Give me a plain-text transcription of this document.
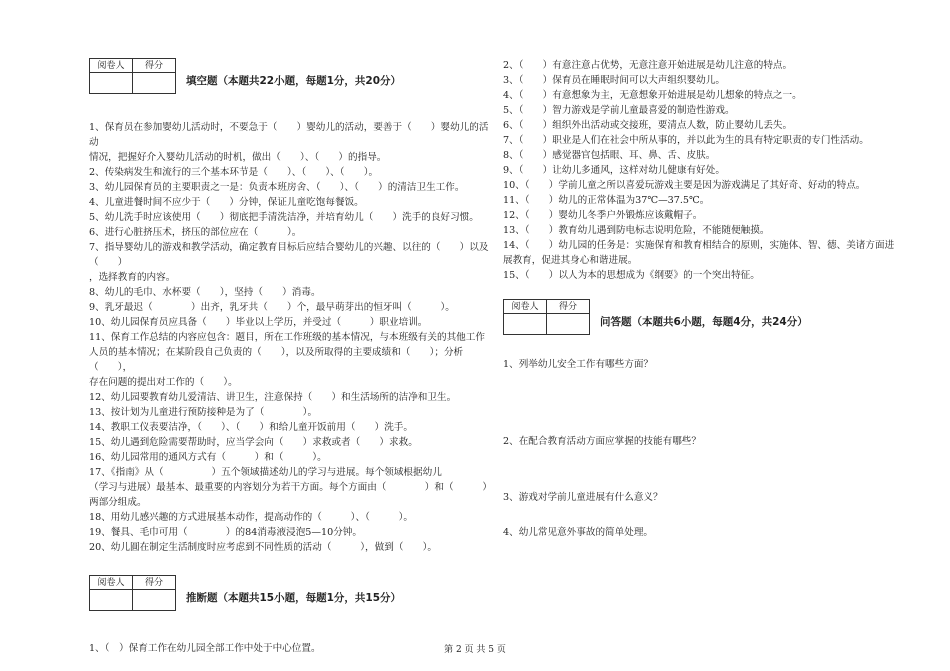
阅卷人	得分

填空题（本题共22小题，每题1分，共20分）

1、保育员在参加婴幼儿活动时，不要急于（　　）婴幼儿的活动，要善于（　　）婴幼儿的活动

情况，把握好介入婴幼儿活动的时机，做出（　　）、（　　）的指导。

2、传染病发生和流行的三个基本环节是（　　）、（　　）、（　　）。

3、幼儿园保育员的主要职责之一是：负责本班房舍、（　　）、（　　）的清洁卫生工作。

4、儿童进餐时间不应少于（　　）分钟，保证儿童吃饱每餐饭。

5、幼儿洗手时应该使用（　　）彻底把手清洗洁净，并培育幼儿（　　）洗手的良好习惯。

6、进行心脏挤压术，挤压的部位应在（　　　）。

7、指导婴幼儿的游戏和教学活动，确定教育目标后应结合婴幼儿的兴趣、以往的（　　）以及（　　）

，选择教育的内容。

8、幼儿的毛巾、水杯要（　　），坚持（　　）消毒。

9、乳牙最迟（　　　　）出齐，乳牙共（　　）个，最早萌芽出的恒牙叫（　　　）。

10、幼儿园保育员应具备（　　）毕业以上学历，并受过（　　　）职业培训。

11、保育工作总结的内容应包含：题目，所在工作班级的基本情况，与本班级有关的其他工作

人员的基本情况；在某阶段自己负责的（　　），以及所取得的主要成绩和（　　）；分析（　　），

存在问题的提出对工作的（　　）。

12、幼儿园要教育幼儿爱清洁、讲卫生，注意保持（　　）和生活场所的洁净和卫生。

13、按计划为儿童进行预防接种是为了（　　　　）。

14、教职工仪表要洁净，（　　）、（　　）和给儿童开饭前用（　　）洗手。

15、幼儿遇到危险需要帮助时，应当学会向（　　）求救或者（　　）求救。

16、幼儿园常用的通风方式有（　　　）和（　　　）。

17、《指南》从（　　　　　）五个领域描述幼儿的学习与进展。每个领域根据幼儿

（学习与进展）最基本、最重要的内容划分为若干方面。每个方面由（　　　　）和（　　　）

两部分组成。

18、用幼儿感兴趣的方式进展基本动作，提高动作的（　　　）、（　　　）。

19、餐具、毛巾可用（　　　　）的84消毒液浸泡5—10分钟。

20、幼儿圓在制定生活制度时应考虑到不同性质的活动（　　　），做到（　　）。

阅卷人	得分

推断题（本题共15小题，每题1分，共15分）

1、（　）保育工作在幼儿园全部工作中处于中心位置。

2、（　　）有意注意占优势，无意注意开始进展是幼儿注意的特点。

3、（　　）保育员在睡眠时间可以大声组织婴幼儿。

4、（　　）有意想象为主，无意想象开始进展是幼儿想象的特点之一。

5、（　　）智力游戏是学前儿童最喜爱的制造性游戏。

6、（　　）组织外出活动或交接班，要清点人数，防止婴幼儿丢失。

7、（　　）职业是人们在社会中所从事的，并以此为生的具有特定职责的专门性活动。

8、（　　）感觉器官包括眼、耳、鼻、舌、皮肤。

9、（　　）让幼儿多通风，这样对幼儿健康有好处。

10、（　　）学前儿童之所以喜爱玩游戏主要是因为游戏满足了其好奇、好动的特点。

11、（　　）幼儿的正常体温为37℃—37.5℃。

12、（　　）婴幼儿冬季户外锻炼应该戴帽子。

13、（　　）教育幼儿遇到防电标志说明危险，不能随便触摸。

14、（　　）幼儿园的任务是：实施保育和教育相结合的原则，实施体、智、德、美诸方面进

展教育，促进其身心和谐进展。

15、（　　）以人为本的思想成为《纲要》的一个突出特征。

阅卷人	得分

问答题（本题共6小题，每题4分，共24分）

1、列举幼儿安全工作有哪些方面？

2、在配合教育活动方面应掌握的技能有哪些？

3、游戏对学前儿童进展有什么意义？

4、幼儿常见意外事故的简单处理。

第 2 页 共 5 页
